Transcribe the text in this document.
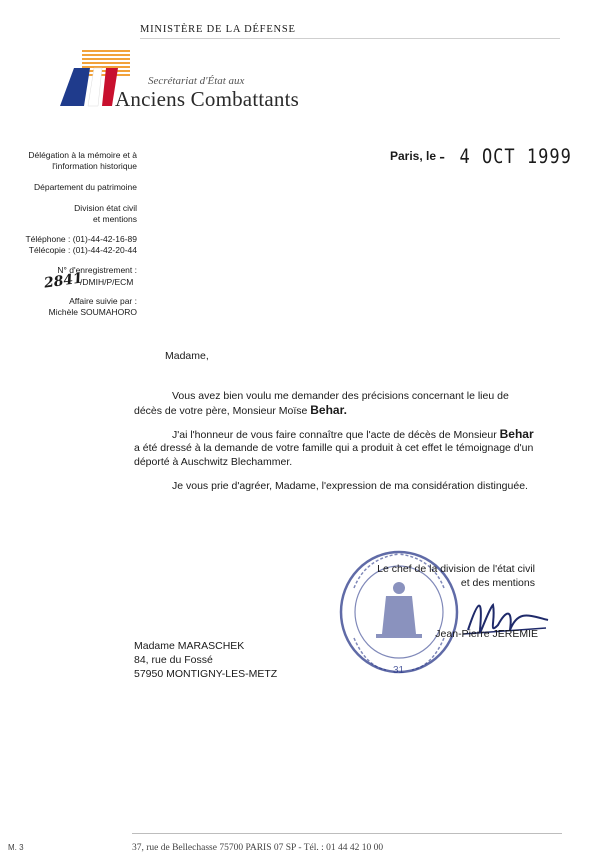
MINISTÈRE DE LA DÉFENSE
Secrétariat d'État aux
Anciens Combattants
Délégation à la mémoire et à
l'information historique
Département du patrimoine
Division état civil
et mentions
Téléphone : (01)-44-42-16-89
Télécopie : (01)-44-42-20-44
N° d'enregistrement :
2841
/DMIH/P/ECM
Affaire suivie par :
Michèle SOUMAHORO
Paris, le - 4 OCT 1999
Madame,
Vous avez bien voulu me demander des précisions concernant le lieu de
décès de votre père, Monsieur Moïse Behar.
J'ai l'honneur de vous faire connaître que l'acte de décès de Monsieur Behar
a été dressé à la demande de votre famille qui a produit à cet effet le témoignage d'un
déporté à Auschwitz Blechammer.
Je vous prie d'agréer, Madame, l'expression de ma considération distinguée.
31
Le chef de la division de l'état civil
et des mentions
Jean-Pierre JEREMIE
Madame MARASCHEK
84, rue du Fossé
57950 MONTIGNY-LES-METZ
M. 3	37, rue de Bellechasse 75700 PARIS 07 SP - Tél. : 01 44 42 10 00
